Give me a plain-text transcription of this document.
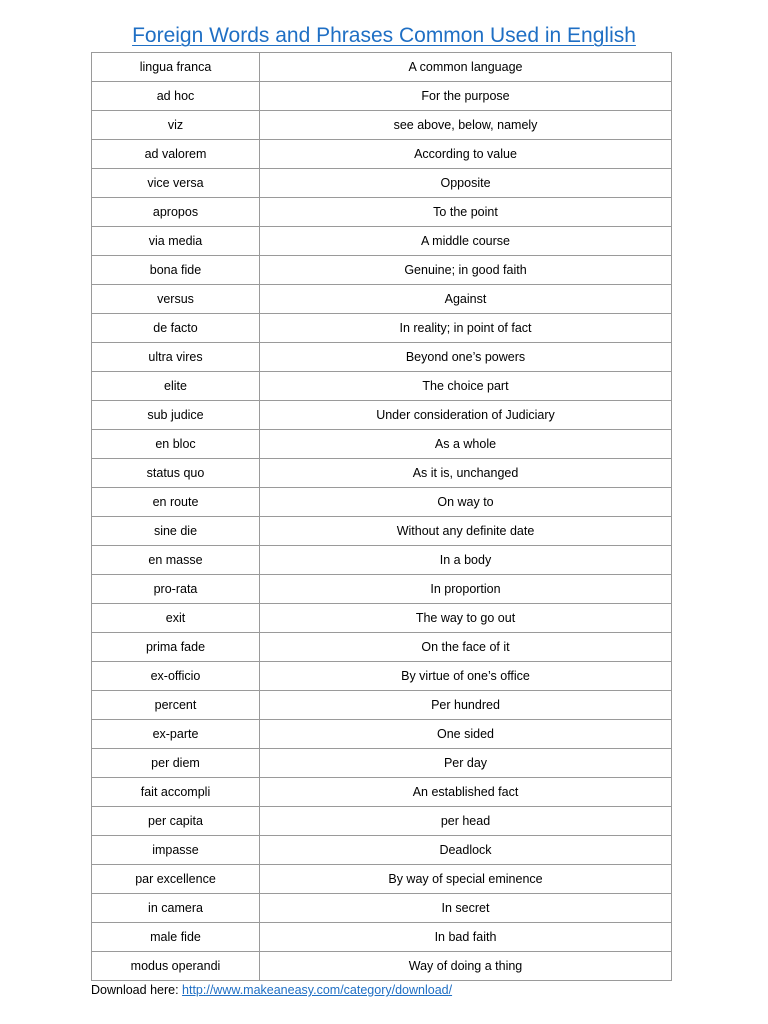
Foreign Words and Phrases Common Used in English
lingua franca	A common language
ad hoc	For the purpose
viz	see above, below, namely
ad valorem	According to value
vice versa	Opposite
apropos	To the point
via media	A middle course
bona fide	Genuine; in good faith
versus	Against
de facto	In reality; in point of fact
ultra vires	Beyond one’s powers
elite	The choice part
sub judice	Under consideration of Judiciary
en bloc	As a whole
status quo	As it is, unchanged
en route	On way to
sine die	Without any definite date
en masse	In a body
pro-rata	In proportion
exit	The way to go out
prima fade	On the face of it
ex-officio	By virtue of one’s office
percent	Per hundred
ex-parte	One sided
per diem	Per day
fait accompli	An established fact
per capita	per head
impasse	Deadlock
par excellence	By way of special eminence
in camera	In secret
male fide	In bad faith
modus operandi	Way of doing a thing
Download here: http://www.makeaneasy.com/category/download/
